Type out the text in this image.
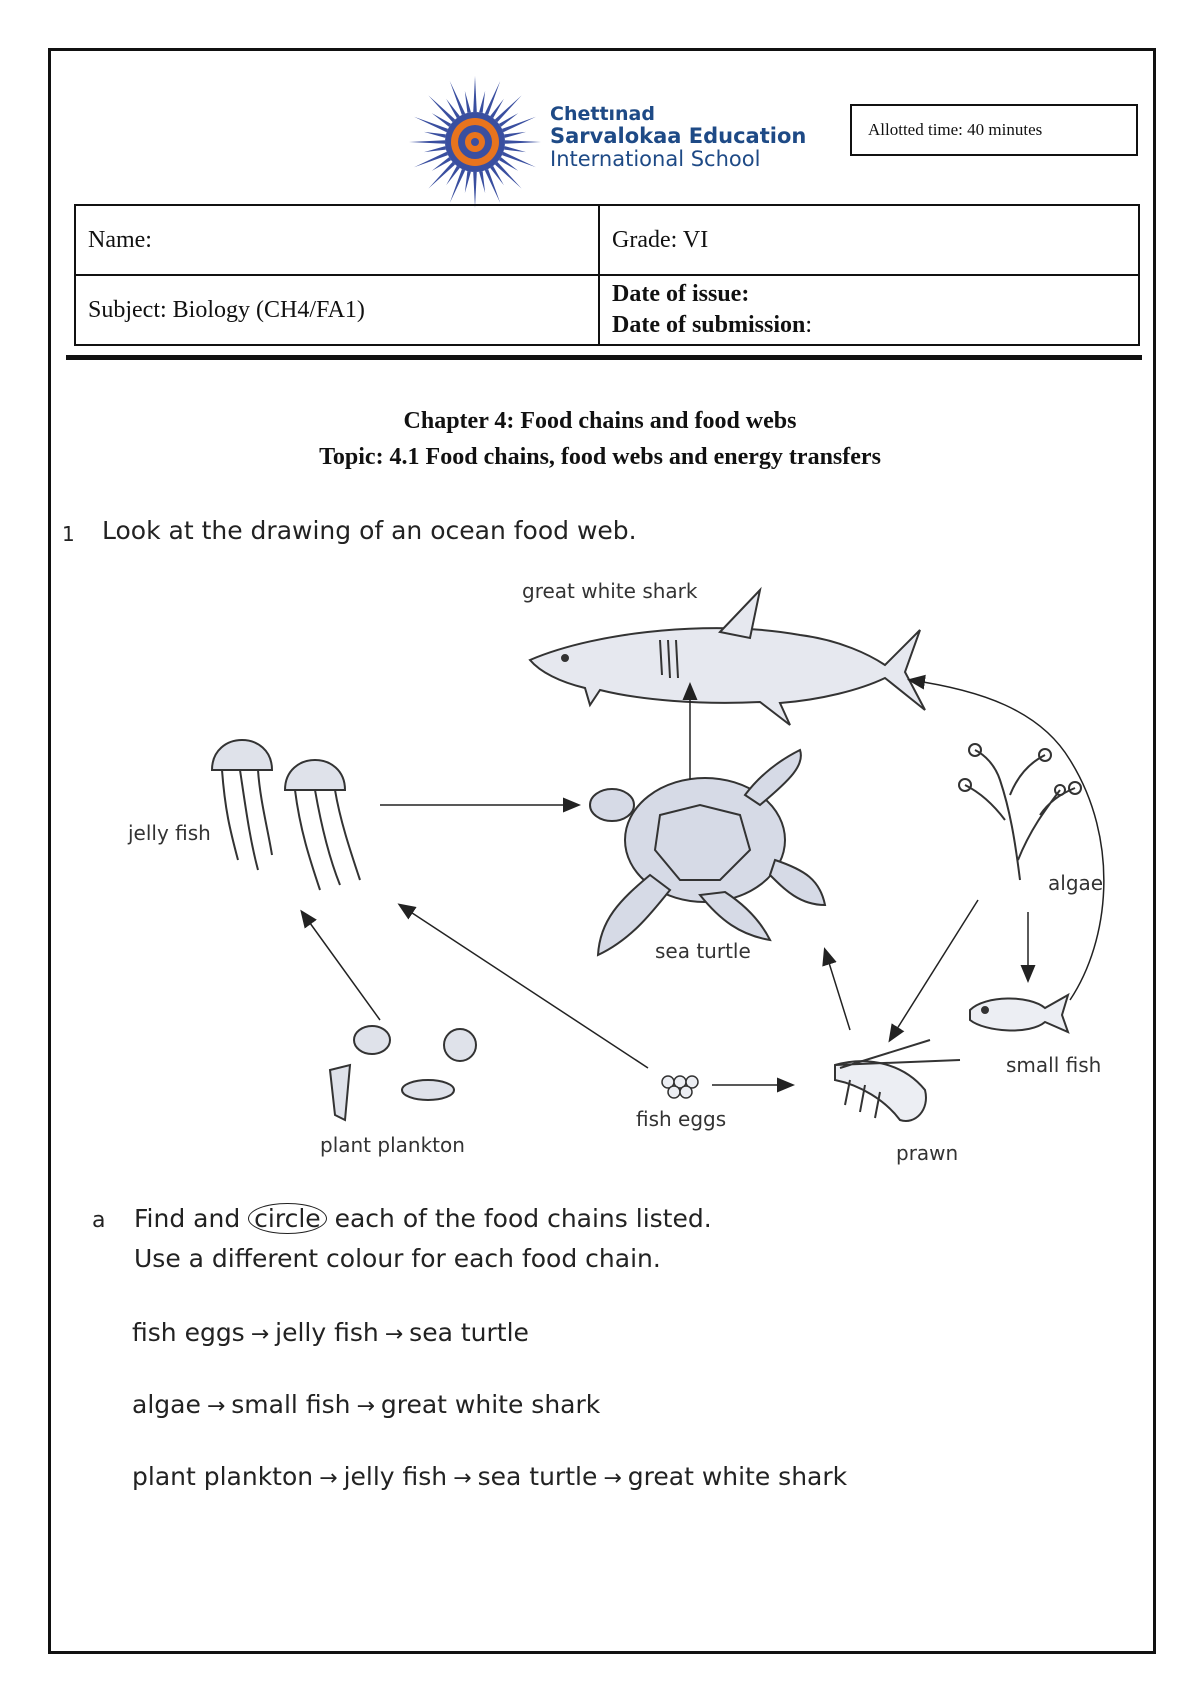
Chettınad
Sarvalokaa Education
International School
Allotted time: 40 minutes
Name:	Grade: VI
Subject: Biology (CH4/FA1)	Date of issue:
Date of submission:
Chapter 4: Food chains and food webs
Topic: 4.1 Food chains, food webs and energy transfers
1 Look at the drawing of an ocean food web.
great white shark
jelly fish
sea turtle
algae
small fish
plant plankton
fish eggs
prawn
a Find and circle each of the food chains listed.
Use a different colour for each food chain.
fish eggs → jelly fish → sea turtle
algae → small fish → great white shark
plant plankton → jelly fish → sea turtle → great white shark
